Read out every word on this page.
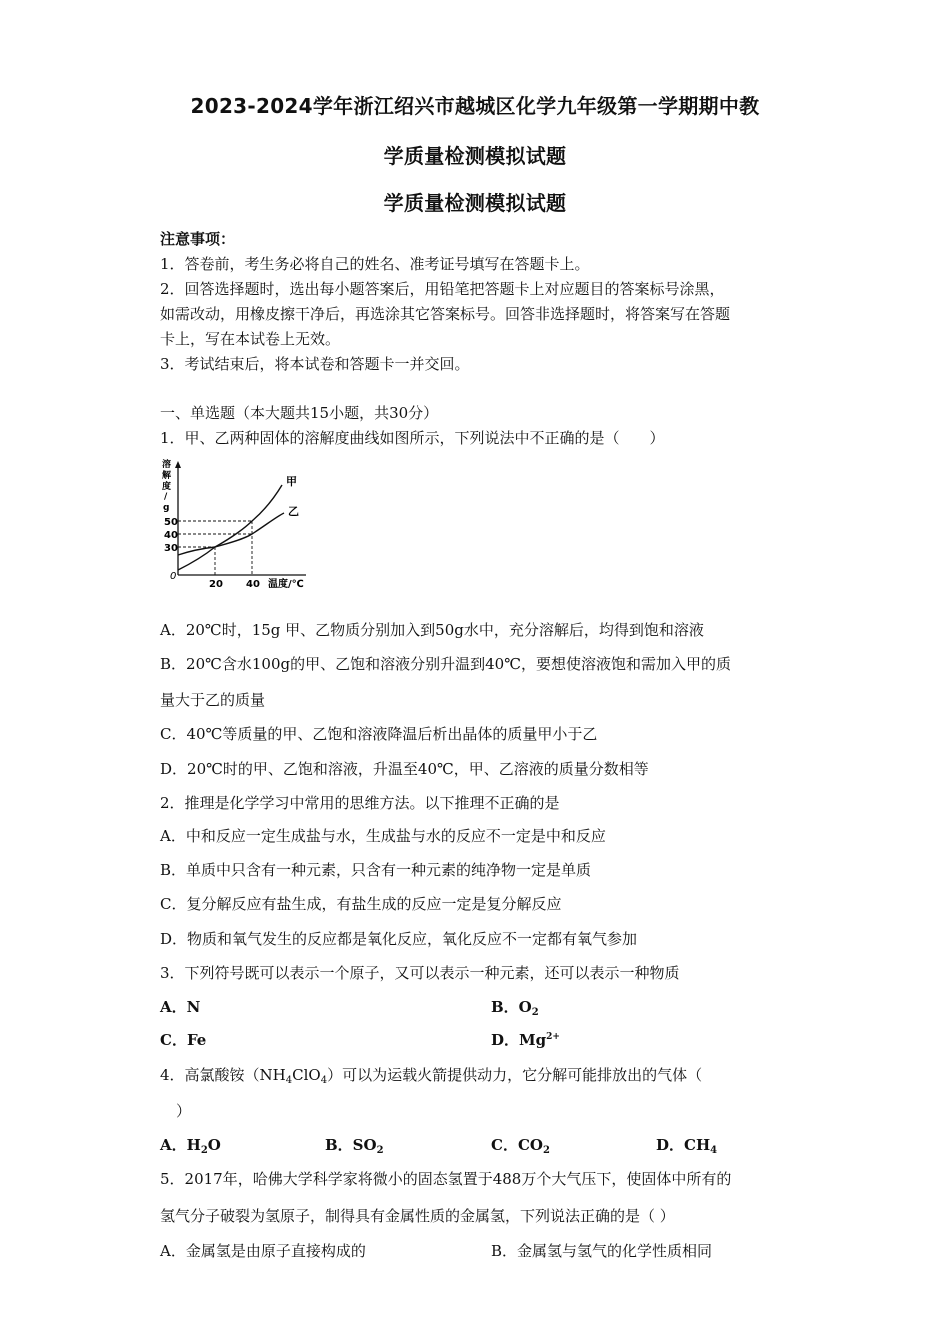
2023-2024学年浙江绍兴市越城区化学九年级第一学期期中教
学质量检测模拟试题
学质量检测模拟试题
注意事项：
1．答卷前，考生务必将自己的姓名、准考证号填写在答题卡上。
2．回答选择题时，选出每小题答案后，用铅笔把答题卡上对应题目的答案标号涂黑，
如需改动，用橡皮擦干净后，再选涂其它答案标号。回答非选择题时，将答案写在答题
卡上，写在本试卷上无效。
3．考试结束后，将本试卷和答题卡一并交回。
一、单选题（本大题共15小题，共30分）
1．甲、乙两种固体的溶解度曲线如图所示，下列说法中不正确的是（　　）
溶
解
度
/
g
50
40
30
0
甲
乙
20 40 温度/℃
A．20℃时，15g 甲、乙物质分别加入到50g水中，充分溶解后，均得到饱和溶液
B．20℃含水100g的甲、乙饱和溶液分别升温到40℃，要想使溶液饱和需加入甲的质
量大于乙的质量
C．40℃等质量的甲、乙饱和溶液降温后析出晶体的质量甲小于乙
D．20℃时的甲、乙饱和溶液，升温至40℃，甲、乙溶液的质量分数相等
2．推理是化学学习中常用的思维方法。以下推理不正确的是
A．中和反应一定生成盐与水，生成盐与水的反应不一定是中和反应
B．单质中只含有一种元素，只含有一种元素的纯净物一定是单质
C．复分解反应有盐生成，有盐生成的反应一定是复分解反应
D．物质和氧气发生的反应都是氧化反应，氧化反应不一定都有氧气参加
3．下列符号既可以表示一个原子，又可以表示一种元素，还可以表示一种物质
A．N	B．$O_2$
C．Fe	D．$Mg^{2+}$
4．高氯酸铵$(NH_4ClO_4)$可以为运载火箭提供动力，它分解可能排放出的气体（
）
A．$H_2O$	B．$SO_2$	C．$CO_2$	D．$CH_4$
5．2017年，哈佛大学科学家将微小的固态氢置于488万个大气压下，使固体中所有的
氢气分子破裂为氢原子，制得具有金属性质的金属氢，下列说法正确的是（ ）
A．金属氢是由原子直接构成的	B．金属氢与氢气的化学性质相同
